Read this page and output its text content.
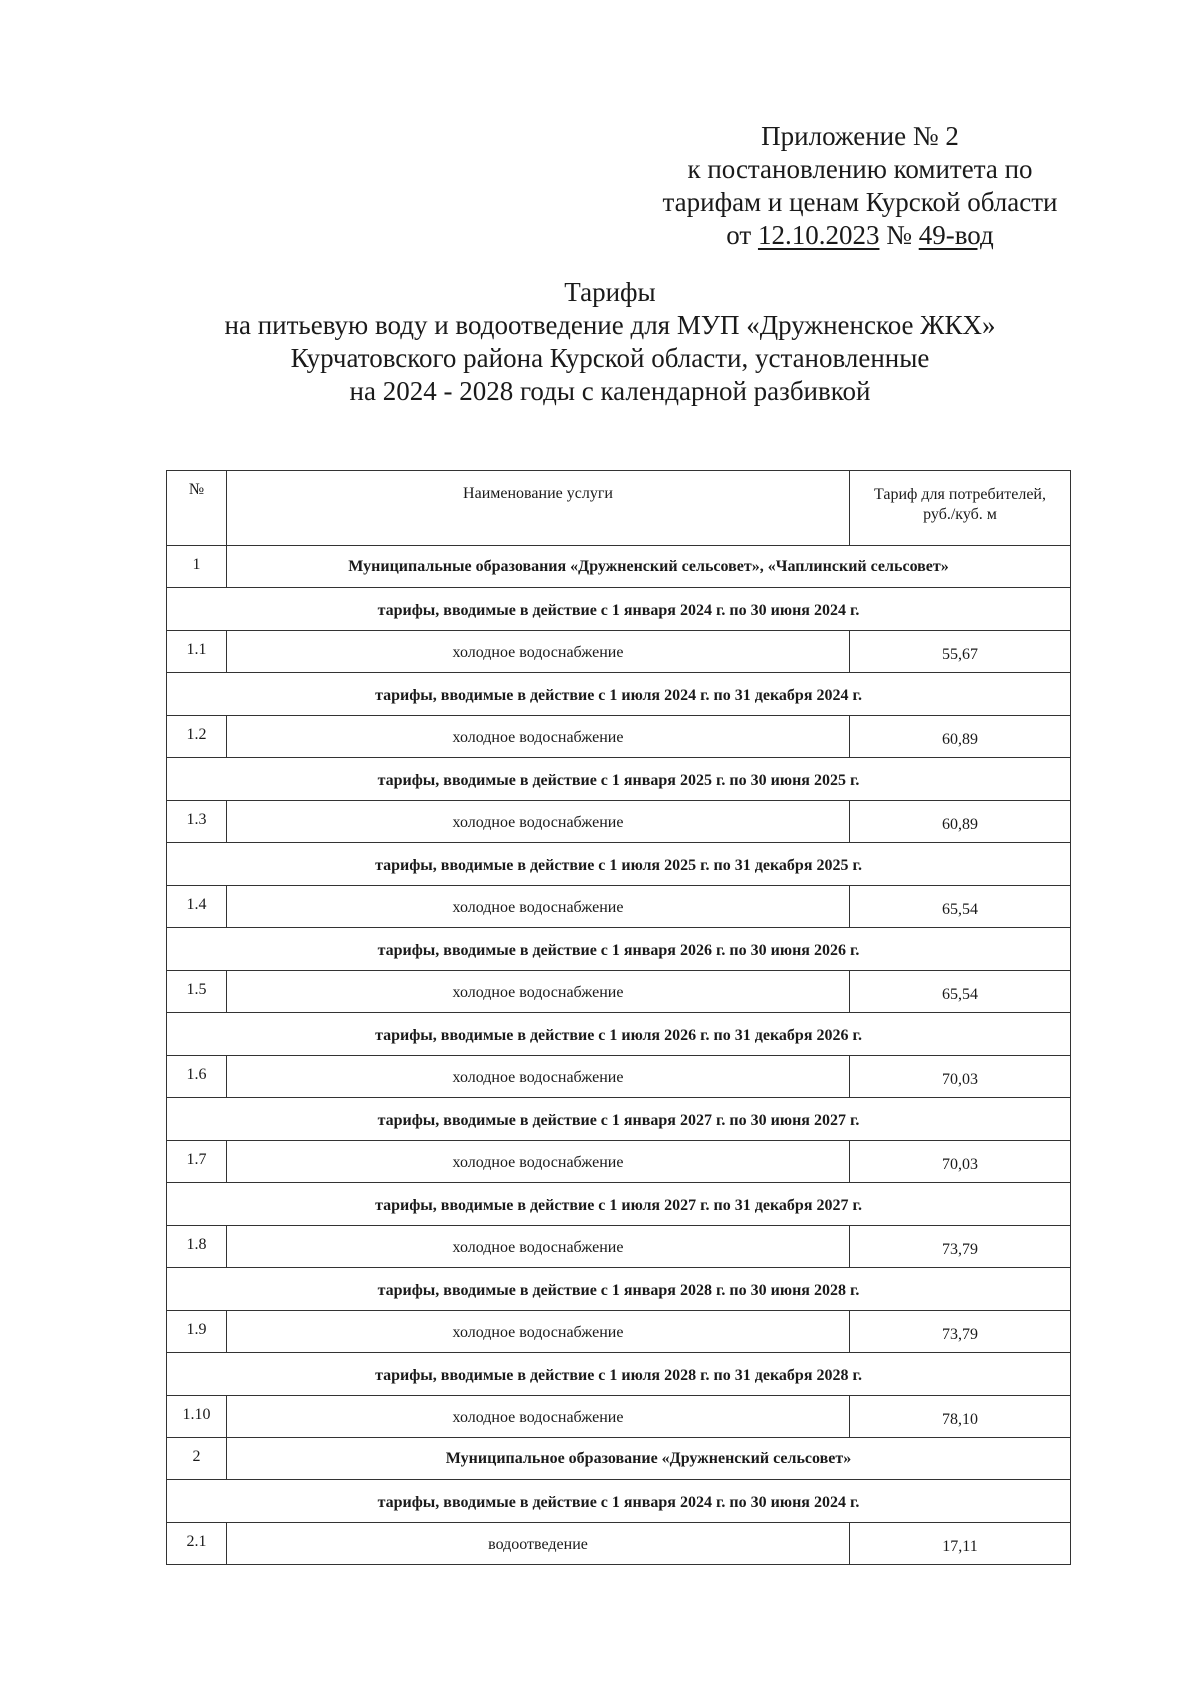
Приложение № 2
к постановлению комитета по
тарифам и ценам Курской области
от 12.10.2023 № 49-вод
Тарифы
на питьевую воду и водоотведение для МУП «Дружненское ЖКХ»
Курчатовского района Курской области, установленные
на 2024 - 2028 годы с календарной разбивкой
№	Наименование услуги	Тариф для потребителей,
руб./куб. м
1	Муниципальные образования «Дружненский сельсовет», «Чаплинский сельсовет»	
тарифы, вводимые в действие с 1 января 2024 г. по 30 июня 2024 г.		
1.1	холодное водоснабжение	55,67
тарифы, вводимые в действие с 1 июля 2024 г. по 31 декабря 2024 г.		
1.2	холодное водоснабжение	60,89
тарифы, вводимые в действие с 1 января 2025 г. по 30 июня 2025 г.		
1.3	холодное водоснабжение	60,89
тарифы, вводимые в действие с 1 июля 2025 г. по 31 декабря 2025 г.		
1.4	холодное водоснабжение	65,54
тарифы, вводимые в действие с 1 января 2026 г. по 30 июня 2026 г.		
1.5	холодное водоснабжение	65,54
тарифы, вводимые в действие с 1 июля 2026 г. по 31 декабря 2026 г.		
1.6	холодное водоснабжение	70,03
тарифы, вводимые в действие с 1 января 2027 г. по 30 июня 2027 г.		
1.7	холодное водоснабжение	70,03
тарифы, вводимые в действие с 1 июля 2027 г. по 31 декабря 2027 г.		
1.8	холодное водоснабжение	73,79
тарифы, вводимые в действие с 1 января 2028 г. по 30 июня 2028 г.		
1.9	холодное водоснабжение	73,79
тарифы, вводимые в действие с 1 июля 2028 г. по 31 декабря 2028 г.		
1.10	холодное водоснабжение	78,10
2	Муниципальное образование «Дружненский сельсовет»	
тарифы, вводимые в действие с 1 января 2024 г. по 30 июня 2024 г.		
2.1	водоотведение	17,11
